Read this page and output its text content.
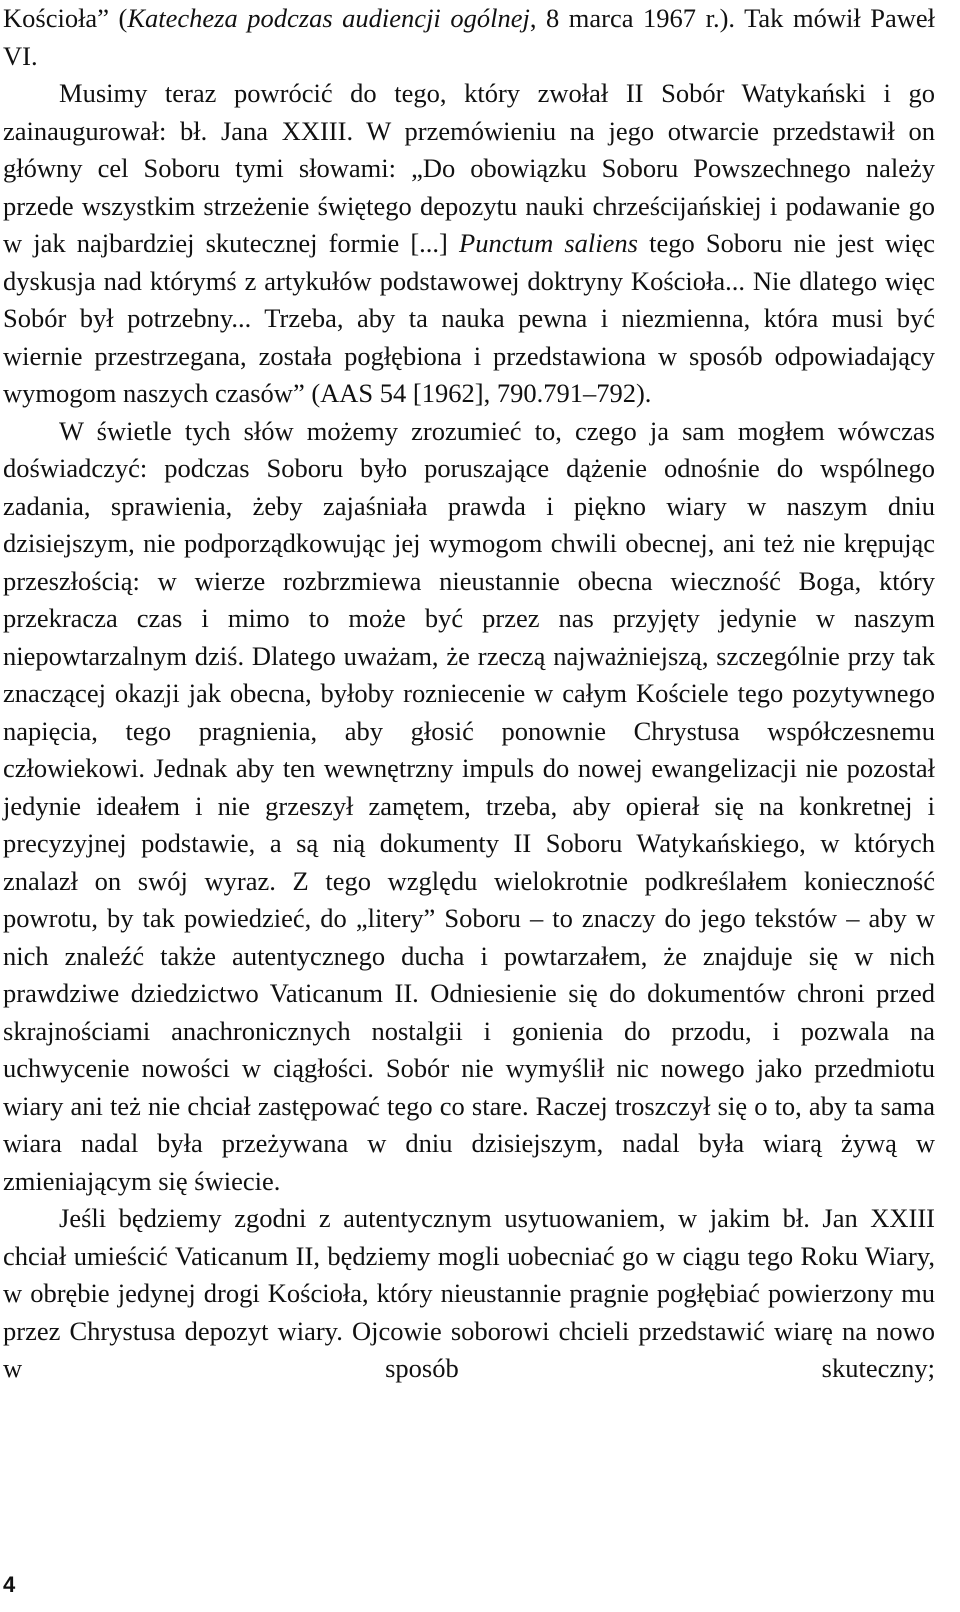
Kościoła” (Katecheza podczas audiencji ogólnej, 8 marca 1967 r.). Tak mówił Paweł VI.

Musimy teraz powrócić do tego, który zwołał II Sobór Watykański i go zainaugurował: bł. Jana XXIII. W przemówieniu na jego otwarcie przedstawił on główny cel Soboru tymi słowami: „Do obowiązku Soboru Powszechnego należy przede wszystkim strzeżenie świętego depozytu nauki chrześcijańskiej i podawanie go w jak najbardziej skutecznej formie [...] Punctum saliens tego Soboru nie jest więc dyskusja nad którymś z artykułów podstawowej doktryny Kościoła... Nie dlatego więc Sobór był potrzebny... Trzeba, aby ta nauka pewna i niezmienna, która musi być wiernie przestrzegana, została pogłębiona i przedstawiona w sposób odpowiadający wymogom naszych czasów” (AAS 54 [1962], 790.791–792).

W świetle tych słów możemy zrozumieć to, czego ja sam mogłem wówczas doświadczyć: podczas Soboru było poruszające dążenie odnośnie do wspólnego zadania, sprawienia, żeby zajaśniała prawda i piękno wiary w naszym dniu dzisiejszym, nie podporządkowując jej wymogom chwili obecnej, ani też nie krępując przeszłością: w wierze rozbrzmiewa nieustannie obecna wieczność Boga, który przekracza czas i mimo to może być przez nas przyjęty jedynie w naszym niepowtarzalnym dziś. Dlatego uważam, że rzeczą najważniejszą, szczególnie przy tak znaczącej okazji jak obecna, byłoby rozniecenie w całym Kościele tego pozytywnego napięcia, tego pragnienia, aby głosić ponownie Chrystusa współczesnemu człowiekowi. Jednak aby ten wewnętrzny impuls do nowej ewangelizacji nie pozostał jedynie ideałem i nie grzeszył zamętem, trzeba, aby opierał się na konkretnej i precyzyjnej podstawie, a są nią dokumenty II Soboru Watykańskiego, w których znalazł on swój wyraz. Z tego względu wielokrotnie podkreślałem konieczność powrotu, by tak powiedzieć, do „litery” Soboru – to znaczy do jego tekstów – aby w nich znaleźć także autentycznego ducha i powtarzałem, że znajduje się w nich prawdziwe dziedzictwo Vaticanum II. Odniesienie się do dokumentów chroni przed skrajnościami anachronicznych nostalgii i gonienia do przodu, i pozwala na uchwycenie nowości w ciągłości. Sobór nie wymyślił nic nowego jako przedmiotu wiary ani też nie chciał zastępować tego co stare. Raczej troszczył się o to, aby ta sama wiara nadal była przeżywana w dniu dzisiejszym, nadal była wiarą żywą w zmieniającym się świecie.

Jeśli będziemy zgodni z autentycznym usytuowaniem, w jakim bł. Jan XXIII chciał umieścić Vaticanum II, będziemy mogli uobecniać go w ciągu tego Roku Wiary, w obrębie jedynej drogi Kościoła, który nieustannie pragnie pogłębiać powierzony mu przez Chrystusa depozyt wiary. Ojcowie soborowi chcieli przedstawić wiarę na nowo w sposób skuteczny;

4
